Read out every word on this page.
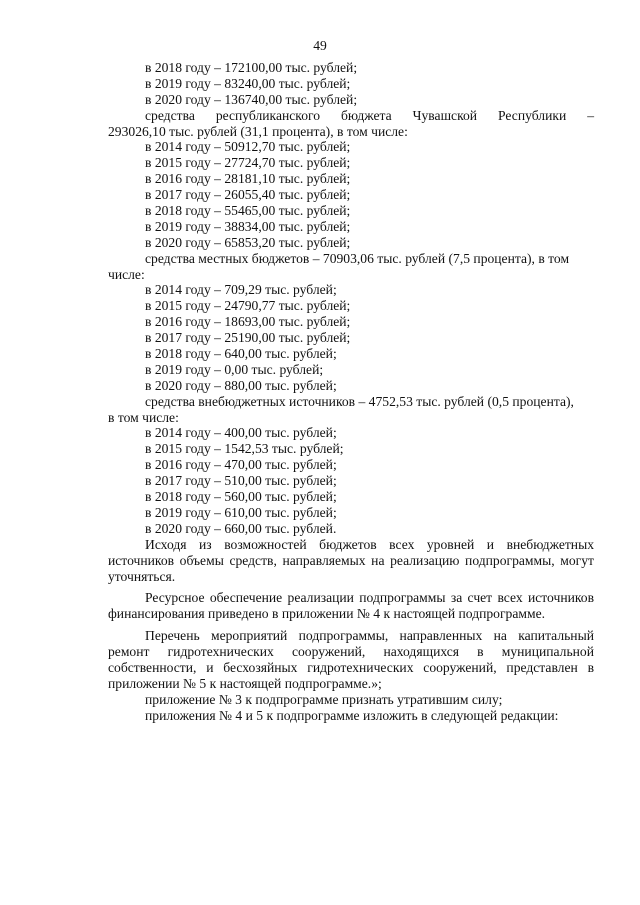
49
в 2018 году – 172100,00 тыс. рублей;
в 2019 году – 83240,00 тыс. рублей;
в 2020 году – 136740,00 тыс. рублей;
средства республиканского бюджета Чувашской Республики –
293026,10 тыс. рублей (31,1 процента), в том числе:
в 2014 году – 50912,70 тыс. рублей;
в 2015 году – 27724,70 тыс. рублей;
в 2016 году – 28181,10 тыс. рублей;
в 2017 году – 26055,40 тыс. рублей;
в 2018 году – 55465,00 тыс. рублей;
в 2019 году – 38834,00 тыс. рублей;
в 2020 году – 65853,20 тыс. рублей;
средства местных бюджетов – 70903,06 тыс. рублей (7,5 процента), в том
числе:
в 2014 году – 709,29 тыс. рублей;
в 2015 году – 24790,77 тыс. рублей;
в 2016 году – 18693,00 тыс. рублей;
в 2017 году – 25190,00 тыс. рублей;
в 2018 году – 640,00 тыс. рублей;
в 2019 году – 0,00 тыс. рублей;
в 2020 году – 880,00 тыс. рублей;
средства внебюджетных источников – 4752,53 тыс. рублей (0,5 процента),
в том числе:
в 2014 году – 400,00 тыс. рублей;
в 2015 году – 1542,53 тыс. рублей;
в 2016 году – 470,00 тыс. рублей;
в 2017 году – 510,00 тыс. рублей;
в 2018 году – 560,00 тыс. рублей;
в 2019 году – 610,00 тыс. рублей;
в 2020 году – 660,00 тыс. рублей.
Исходя из возможностей бюджетов всех уровней и внебюджетных источников объемы средств, направляемых на реализацию подпрограммы, могут уточняться.
Ресурсное обеспечение реализации подпрограммы за счет всех источников финансирования приведено в приложении № 4 к настоящей подпрограмме.
Перечень мероприятий подпрограммы, направленных на капитальный ремонт гидротехнических сооружений, находящихся в муниципальной собственности, и бесхозяйных гидротехнических сооружений, представлен в приложении № 5 к настоящей подпрограмме.»;
приложение № 3 к подпрограмме признать утратившим силу;
приложения № 4 и 5 к подпрограмме изложить в следующей редакции:
